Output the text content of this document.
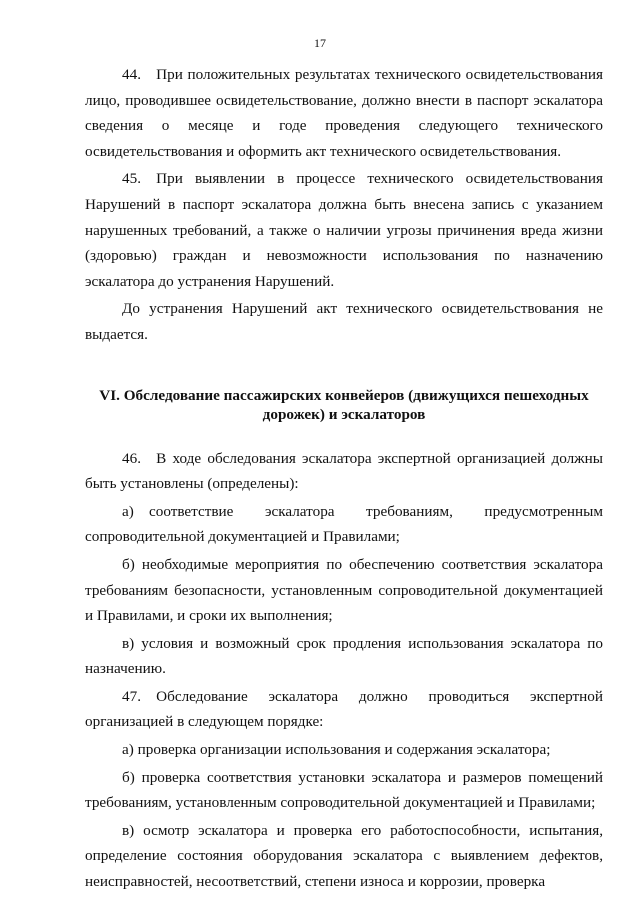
17

44. При положительных результатах технического освидетельствования лицо, проводившее освидетельствование, должно внести в паспорт эскалатора сведения о месяце и годе проведения следующего технического освидетельствования и оформить акт технического освидетельствования.

45. При выявлении в процессе технического освидетельствования Нарушений в паспорт эскалатора должна быть внесена запись с указанием нарушенных требований, а также о наличии угрозы причинения вреда жизни (здоровью) граждан и невозможности использования по назначению эскалатора до устранения Нарушений.

До устранения Нарушений акт технического освидетельствования не выдается.

VI. Обследование пассажирских конвейеров (движущихся пешеходных
дорожек) и эскалаторов

46. В ходе обследования эскалатора экспертной организацией должны быть установлены (определены):

а) соответствие эскалатора требованиям, предусмотренным сопроводительной документацией и Правилами;

б) необходимые мероприятия по обеспечению соответствия эскалатора требованиям безопасности, установленным сопроводительной документацией и Правилами, и сроки их выполнения;

в) условия и возможный срок продления использования эскалатора по назначению.

47. Обследование эскалатора должно проводиться экспертной организацией в следующем порядке:

а) проверка организации использования и содержания эскалатора;

б) проверка соответствия установки эскалатора и размеров помещений требованиям, установленным сопроводительной документацией и Правилами;

в) осмотр эскалатора и проверка его работоспособности, испытания, определение состояния оборудования эскалатора с выявлением дефектов, неисправностей, несоответствий, степени износа и коррозии, проверка
